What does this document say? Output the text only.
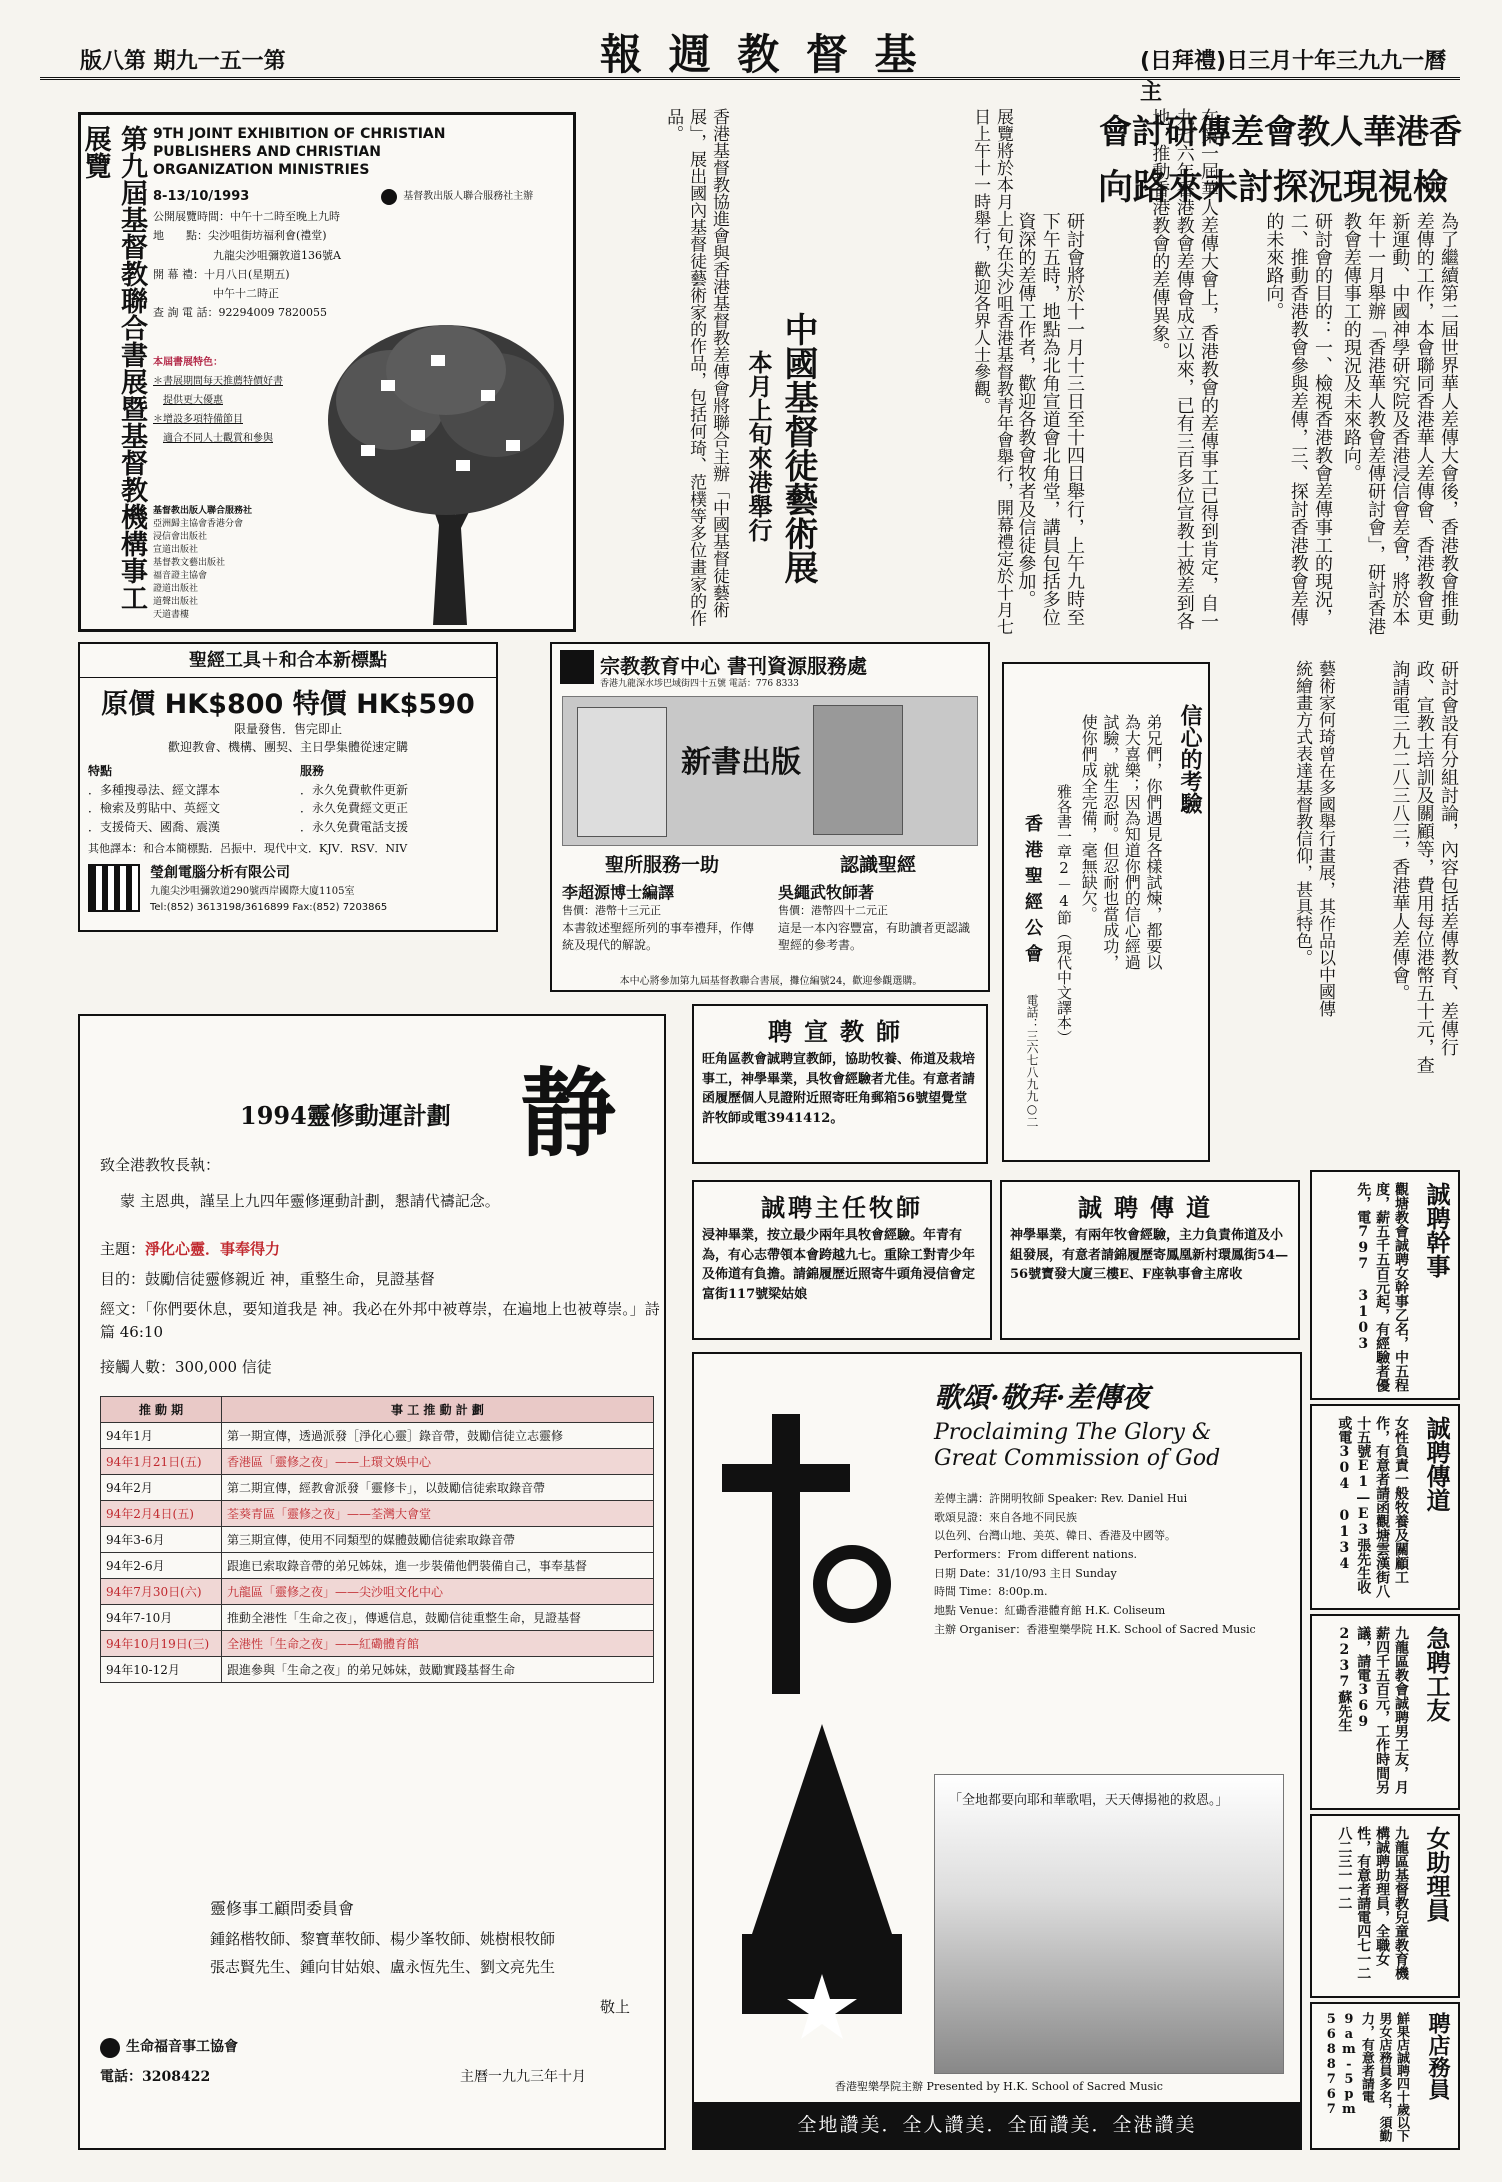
版八第 期九一五一第	報 週 教 督 基	(日拜禮)日三月十年三九九一曆主
第九屆基督教聯合書展暨基督教機構事工展覽	9TH JOINT EXHIBITION OF CHRISTIAN PUBLISHERS AND CHRISTIAN ORGANIZATION MINISTRIES
基督教出版人聯合服務社主辦
8-13/10/1993
公開展覽時間：中午十二時至晚上九時
地　　點：尖沙咀街坊福利會(禮堂)
九龍尖沙咀彌敦道136號A
開 幕 禮：十月八日(星期五)
中午十二時正
查 詢 電 話：92294009 7820055
本屆書展特色：
＊書展期間每天推薦特價好書
提供更大優惠
＊增設多項特備節目
適合不同人士觀賞和參與
基督教出版人聯合服務社
亞洲歸主協會香港分會
浸信會出版社
宣道出版社
基督教文藝出版社
福音證主協會
證道出版社
道聲出版社
天道書樓
香港華人教會差傳研討會
檢視現況探討未來路向
為了繼續第二屆世界華人差傳大會後，香港教會推動差傳的工作，本會聯同香港華人差傳會、香港教會更新運動、中國神學研究院及香港浸信會差會，將於本年十一月舉辦「香港華人教會差傳研討會」，研討香港教會差傳事工的現況及未來路向。
研討會的目的：一、檢視香港教會差傳事工的現況，二、推動香港教會參與差傳，三、探討香港教會差傳的未來路向。
在第一屆華人差傳大會上，香港教會的差傳事工已得到肯定，自一九七六年香港教會差傳會成立以來，已有三百多位宣教士被差到各地，推動香港教會的差傳異象。
研討會將於十一月十三日至十四日舉行，上午九時至下午五時，地點為北角宣道會北角堂，講員包括多位資深的差傳工作者，歡迎各教會牧者及信徒參加。
研討會設有分組討論，內容包括差傳教育、差傳行政、宣教士培訓及關顧等，費用每位港幣五十元，查詢請電三九二八三八三，香港華人差傳會。
中國基督徒藝術展
本月上旬來港舉行
香港基督教協進會與香港基督教差傳會將聯合主辦「中國基督徒藝術展」，展出國內基督徒藝術家的作品，包括何琦、范樸等多位畫家的作品。	展覽將於本月上旬在尖沙咀香港基督教青年會舉行，開幕禮定於十月七日上午十一時舉行，歡迎各界人士參觀。
藝術家何琦曾在多國舉行畫展，其作品以中國傳統繪畫方式表達基督教信仰，甚具特色。
聖經工具＋和合本新標點
原價 HK$800 特價 HK$590
限量發售．售完即止
歡迎教會、機構、團契、主日學集體從速定購
特點
．多種搜尋法、經文譯本
．檢索及剪貼中、英經文
．支援倚天、國喬、震漢
服務
．永久免費軟件更新
．永久免費經文更正
．永久免費電話支援
其他譯本：和合本簡標點．呂振中．現代中文．KJV．RSV．NIV
瑩創電腦分析有限公司
九龍尖沙咀彌敦道290號西岸國際大廈1105室
Tel:(852) 3613198/3616899 Fax:(852) 7203865
宗教教育中心 書刊資源服務處
香港九龍深水埗巴域街四十五號 電話：776 8333
新書出版
聖所服務一助	認識聖經
李超源博士編譯	吳繩武牧師著
售價：港幣十三元正	售價：港幣四十二元正
本書敘述聖經所列的事奉禮拜，作傳統及現代的解說。
這是一本內容豐富，有助讀者更認識聖經的參考書。
本中心將參加第九屆基督教聯合書展，攤位編號24，歡迎參觀選購。
信心的考驗
弟兄們，你們遇見各樣試煉，都要以為大喜樂；因為知道你們的信心經過試驗，就生忍耐。但忍耐也當成功，使你們成全完備，毫無缺欠。
雅各書一章2－4節（現代中文譯本）
香港聖經公會
電話：三六七八九九○二
聘宣教師
旺角區教會誠聘宣教師，協助牧養、佈道及栽培事工，神學畢業，具牧會經驗者尤佳。有意者請函履歷個人見證附近照寄旺角郵箱56號望覺堂許牧師或電3941412。
誠聘幹事
觀塘教會誠聘女幹事乙名，中五程度，薪五千五百元起，有經驗者優先，電797 3103
誠聘傳道
女性負責一般牧養及關顧工作，有意者請函觀塘雲漢街八十五號E1—E3張先生收或電304 0134
急聘工友
九龍區教會誠聘男工友，月薪四千五百元，工作時間另議，請電369 2237蘇先生
女助理員
九龍區基督教兒童教育機構誠聘助理員，全職女性，有意者請電四七一二八二三一一二
聘店務員
鮮果店誠聘四十歲以下男女店務員多名，須勤力，有意者請電9am-5pm 5688767
誠聘主任牧師
浸神畢業，按立最少兩年具牧會經驗。年青有為，有心志帶領本會跨越九七。重除工對青少年及佈道有負擔。請錦履歷近照寄牛頭角浸信會定富街117號梁姑娘
誠聘傳道
神學畢業，有兩年牧會經驗，主力負責佈道及小組發展，有意者請錦履歷寄鳳凰新村環鳳街54—56號寶發大廈三樓E、F座執事會主席收
1994靈修動運計劃 静
致全港教牧長執：
蒙 主恩典，謹呈上九四年靈修運動計劃，懇請代禱記念。
主題：淨化心靈．事奉得力
目的：鼓勵信徒靈修親近 神，重整生命，見證基督
經文：「你們要休息，要知道我是 神。我必在外邦中被尊崇，在遍地上也被尊崇。」詩篇 46:10
接觸人數：300,000 信徒
推 動 期	事 工 推 動 計 劃
94年1月	第一期宣傳，透過派發［淨化心靈］錄音帶，鼓勵信徒立志靈修
94年1月21日(五)	香港區「靈修之夜」——上環文娛中心
94年2月	第二期宣傳，經教會派發「靈修卡」，以鼓勵信徒索取錄音帶
94年2月4日(五)	荃葵青區「靈修之夜」——荃灣大會堂
94年3-6月	第三期宣傳，使用不同類型的媒體鼓勵信徒索取錄音帶
94年2-6月	跟進已索取錄音帶的弟兄姊妹，進一步裝備他們裝備自己，事奉基督
94年7月30日(六)	九龍區「靈修之夜」——尖沙咀文化中心
94年7-10月	推動全港性「生命之夜」，傳遞信息，鼓勵信徒重整生命，見證基督
94年10月19日(三)	全港性「生命之夜」——紅磡體育館
94年10-12月	跟進參與「生命之夜」的弟兄姊妹，鼓勵實踐基督生命
靈修事工顧問委員會
鍾銘楷牧師、黎寶華牧師、楊少峯牧師、姚樹根牧師
張志賢先生、鍾向甘姑娘、盧永恆先生、劉文亮先生
敬上
生命福音事工協會
電話：3208422	主曆一九九三年十月
歌頌·敬拜·差傳夜
Proclaiming The Glory & Great Commission of God
差傳主講：許開明牧師 Speaker: Rev. Daniel Hui
歌頌見證：來自各地不同民族
以色列、台灣山地、美英、韓日、香港及中國等。
Performers：From different nations.
日期 Date：31/10/93 主日 Sunday
時間 Time：8:00p.m.
地點 Venue：紅磡香港體育館 H.K. Coliseum
主辦 Organiser：香港聖樂學院 H.K. School of Sacred Music
「全地都要向耶和華歌唱，天天傳揚祂的救恩。」
香港聖樂學院主辦 Presented by H.K. School of Sacred Music
全地讚美．全人讚美．全面讚美．全港讚美
